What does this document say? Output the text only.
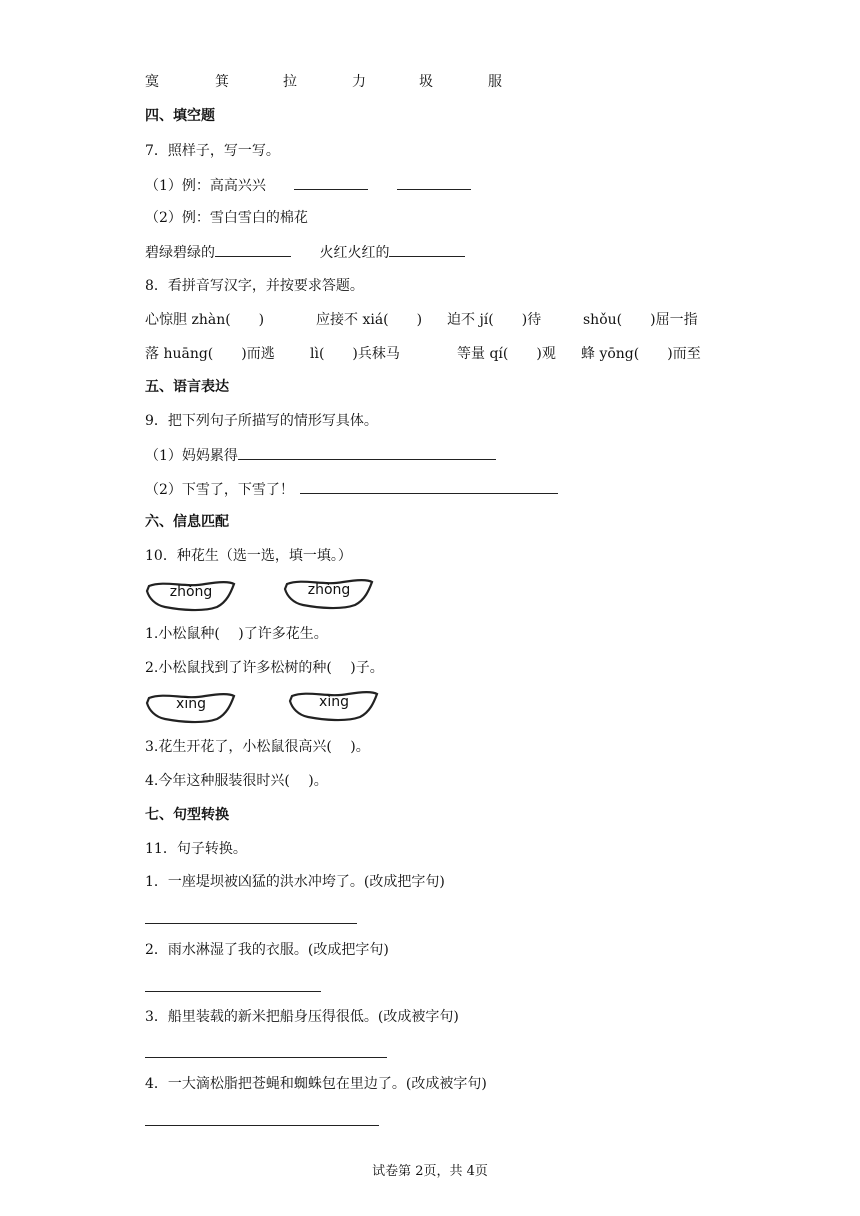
寞	箕	拉	力	圾	服
四、填空题
7．照样子，写一写。
（1）例：高高兴兴
（2）例：雪白雪白的棉花
碧绿碧绿的	火红火红的
8．看拼音写汉字，并按要求答题。
心惊胆 zhàn(　　)	应接不 xiá(　　) 迫不 jí(　　)待	shǒu(　　)屈一指
落 huāng(　　)而逃	lì(　　)兵秣马	等量 qí(　　)观 蜂 yōng(　　)而至
五、语言表达
9．把下列句子所描写的情形写具体。
（1）妈妈累得
（2）下雪了，下雪了！
六、信息匹配
10．种花生（选一选，填一填。）
zhǒng	zhòng
1.小松鼠种(　 )了许多花生。
2.小松鼠找到了许多松树的种(　 )子。
xīng	xìng
3.花生开花了，小松鼠很高兴(　 )。
4.今年这种服装很时兴(　 )。
七、句型转换
11．句子转换。
1．一座堤坝被凶猛的洪水冲垮了。(改成把字句)
2．雨水淋湿了我的衣服。(改成把字句)
3．船里装载的新米把船身压得很低。(改成被字句)
4．一大滴松脂把苍蝇和蜘蛛包在里边了。(改成被字句)
试卷第 2页，共 4页
